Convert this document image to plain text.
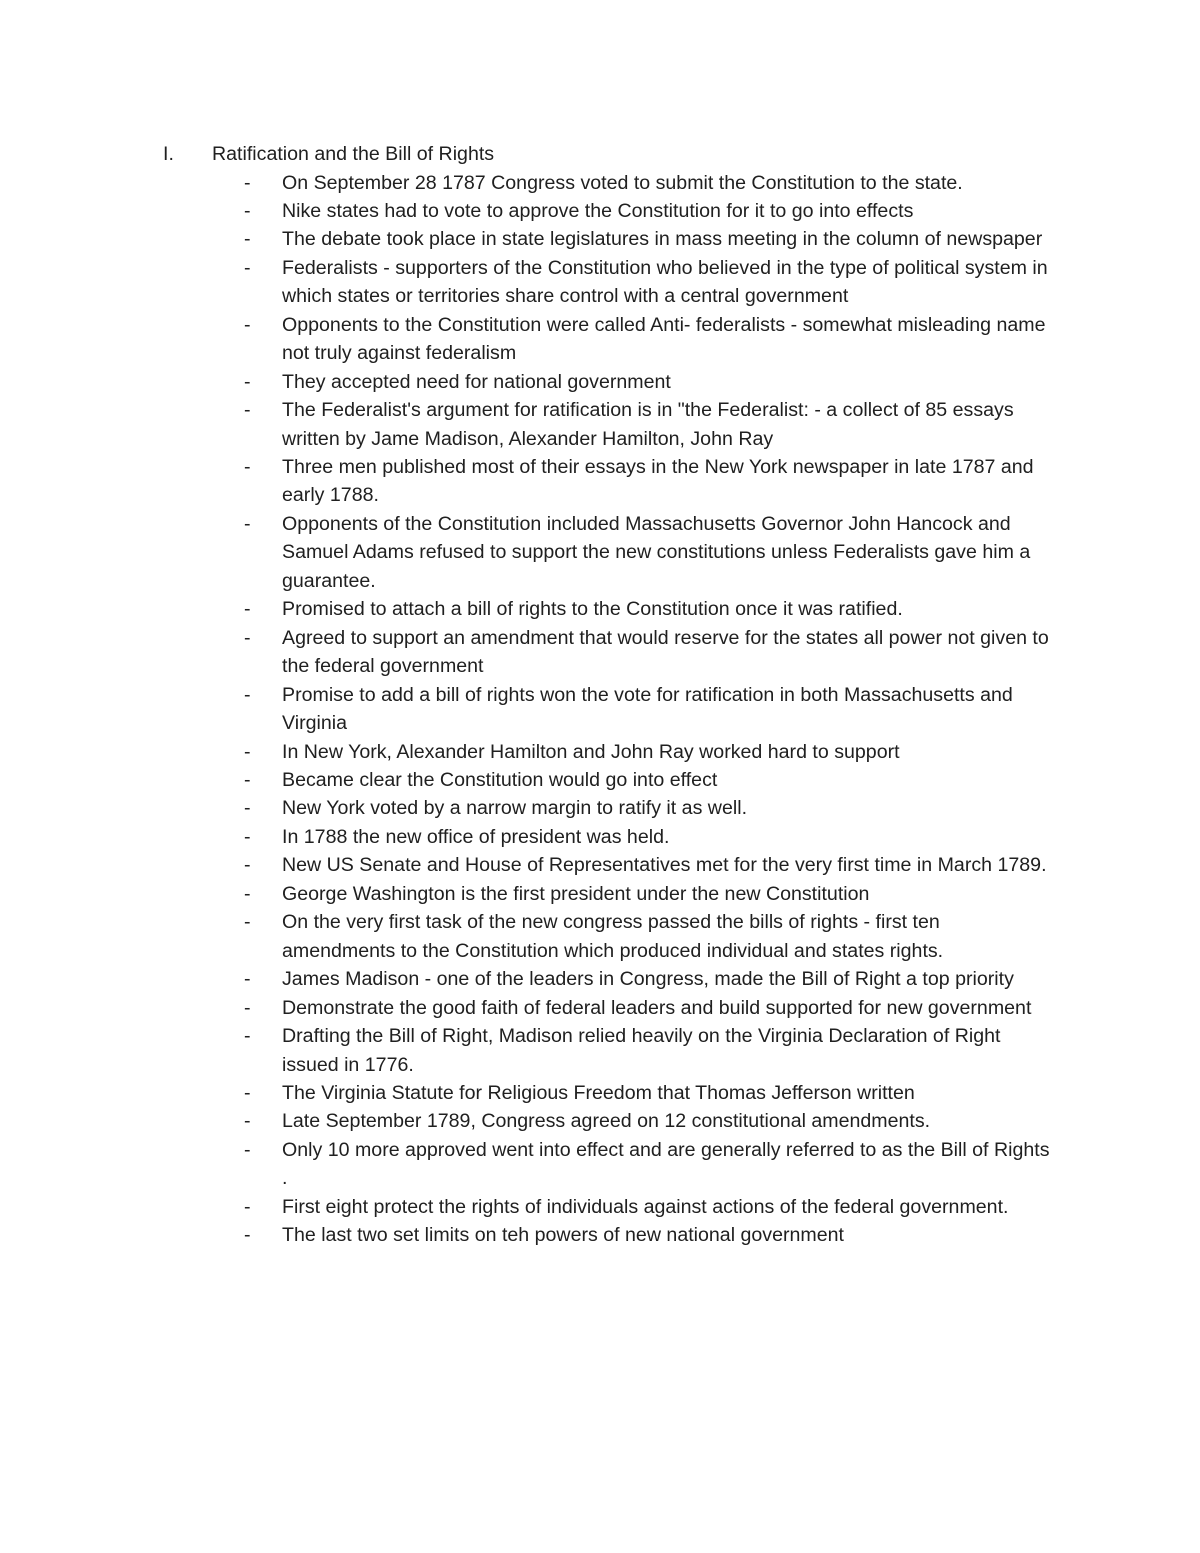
I. Ratification and the Bill of Rights
-	On September 28 1787 Congress voted to submit the Constitution to the state.
-	Nike states had to vote to approve the Constitution for it to go into effects
-	The debate took place in state legislatures in mass meeting in the column of newspaper
-	Federalists - supporters of the Constitution who believed in the type of political system in which states or territories share control with a central government
-	Opponents to the Constitution were called Anti- federalists - somewhat misleading name not truly against federalism
-	They accepted need for national government
-	The Federalist's argument for ratification is in "the Federalist: - a collect of 85 essays written by Jame Madison, Alexander Hamilton, John Ray
-	Three men published most of their essays in the New York newspaper in late 1787 and early 1788.
-	Opponents of the Constitution included Massachusetts Governor John Hancock and Samuel Adams refused to support the new constitutions unless Federalists gave him a guarantee.
-	Promised to attach a bill of rights to the Constitution once it was ratified.
-	Agreed to support an amendment that would reserve for the states all power not given to the federal government
-	Promise to add a bill of rights won the vote for ratification in both Massachusetts and Virginia
-	In New York, Alexander Hamilton and John Ray worked hard to support
-	Became clear the Constitution would go into effect
-	New York voted by a narrow margin to ratify it as well.
-	In 1788 the new office of president was held.
-	New US Senate and House of Representatives met for the very first time in March 1789.
-	George Washington is the first president under the new Constitution
-	On the very first task of the new congress passed the bills of rights - first ten amendments to the Constitution which produced individual and states rights.
-	James Madison - one of the leaders in Congress, made the Bill of Right a top priority
-	Demonstrate the good faith of federal leaders and build supported for new government
-	Drafting the Bill of Right, Madison relied heavily on the Virginia Declaration of Right issued in 1776.
-	The Virginia Statute for Religious Freedom that Thomas Jefferson written
-	Late September 1789, Congress agreed on 12 constitutional amendments.
-	Only 10 more approved went into effect and are generally referred to as the Bill of Rights .
-	First eight protect the rights of individuals against actions of the federal government.
-	The last two set limits on teh powers of new national government
